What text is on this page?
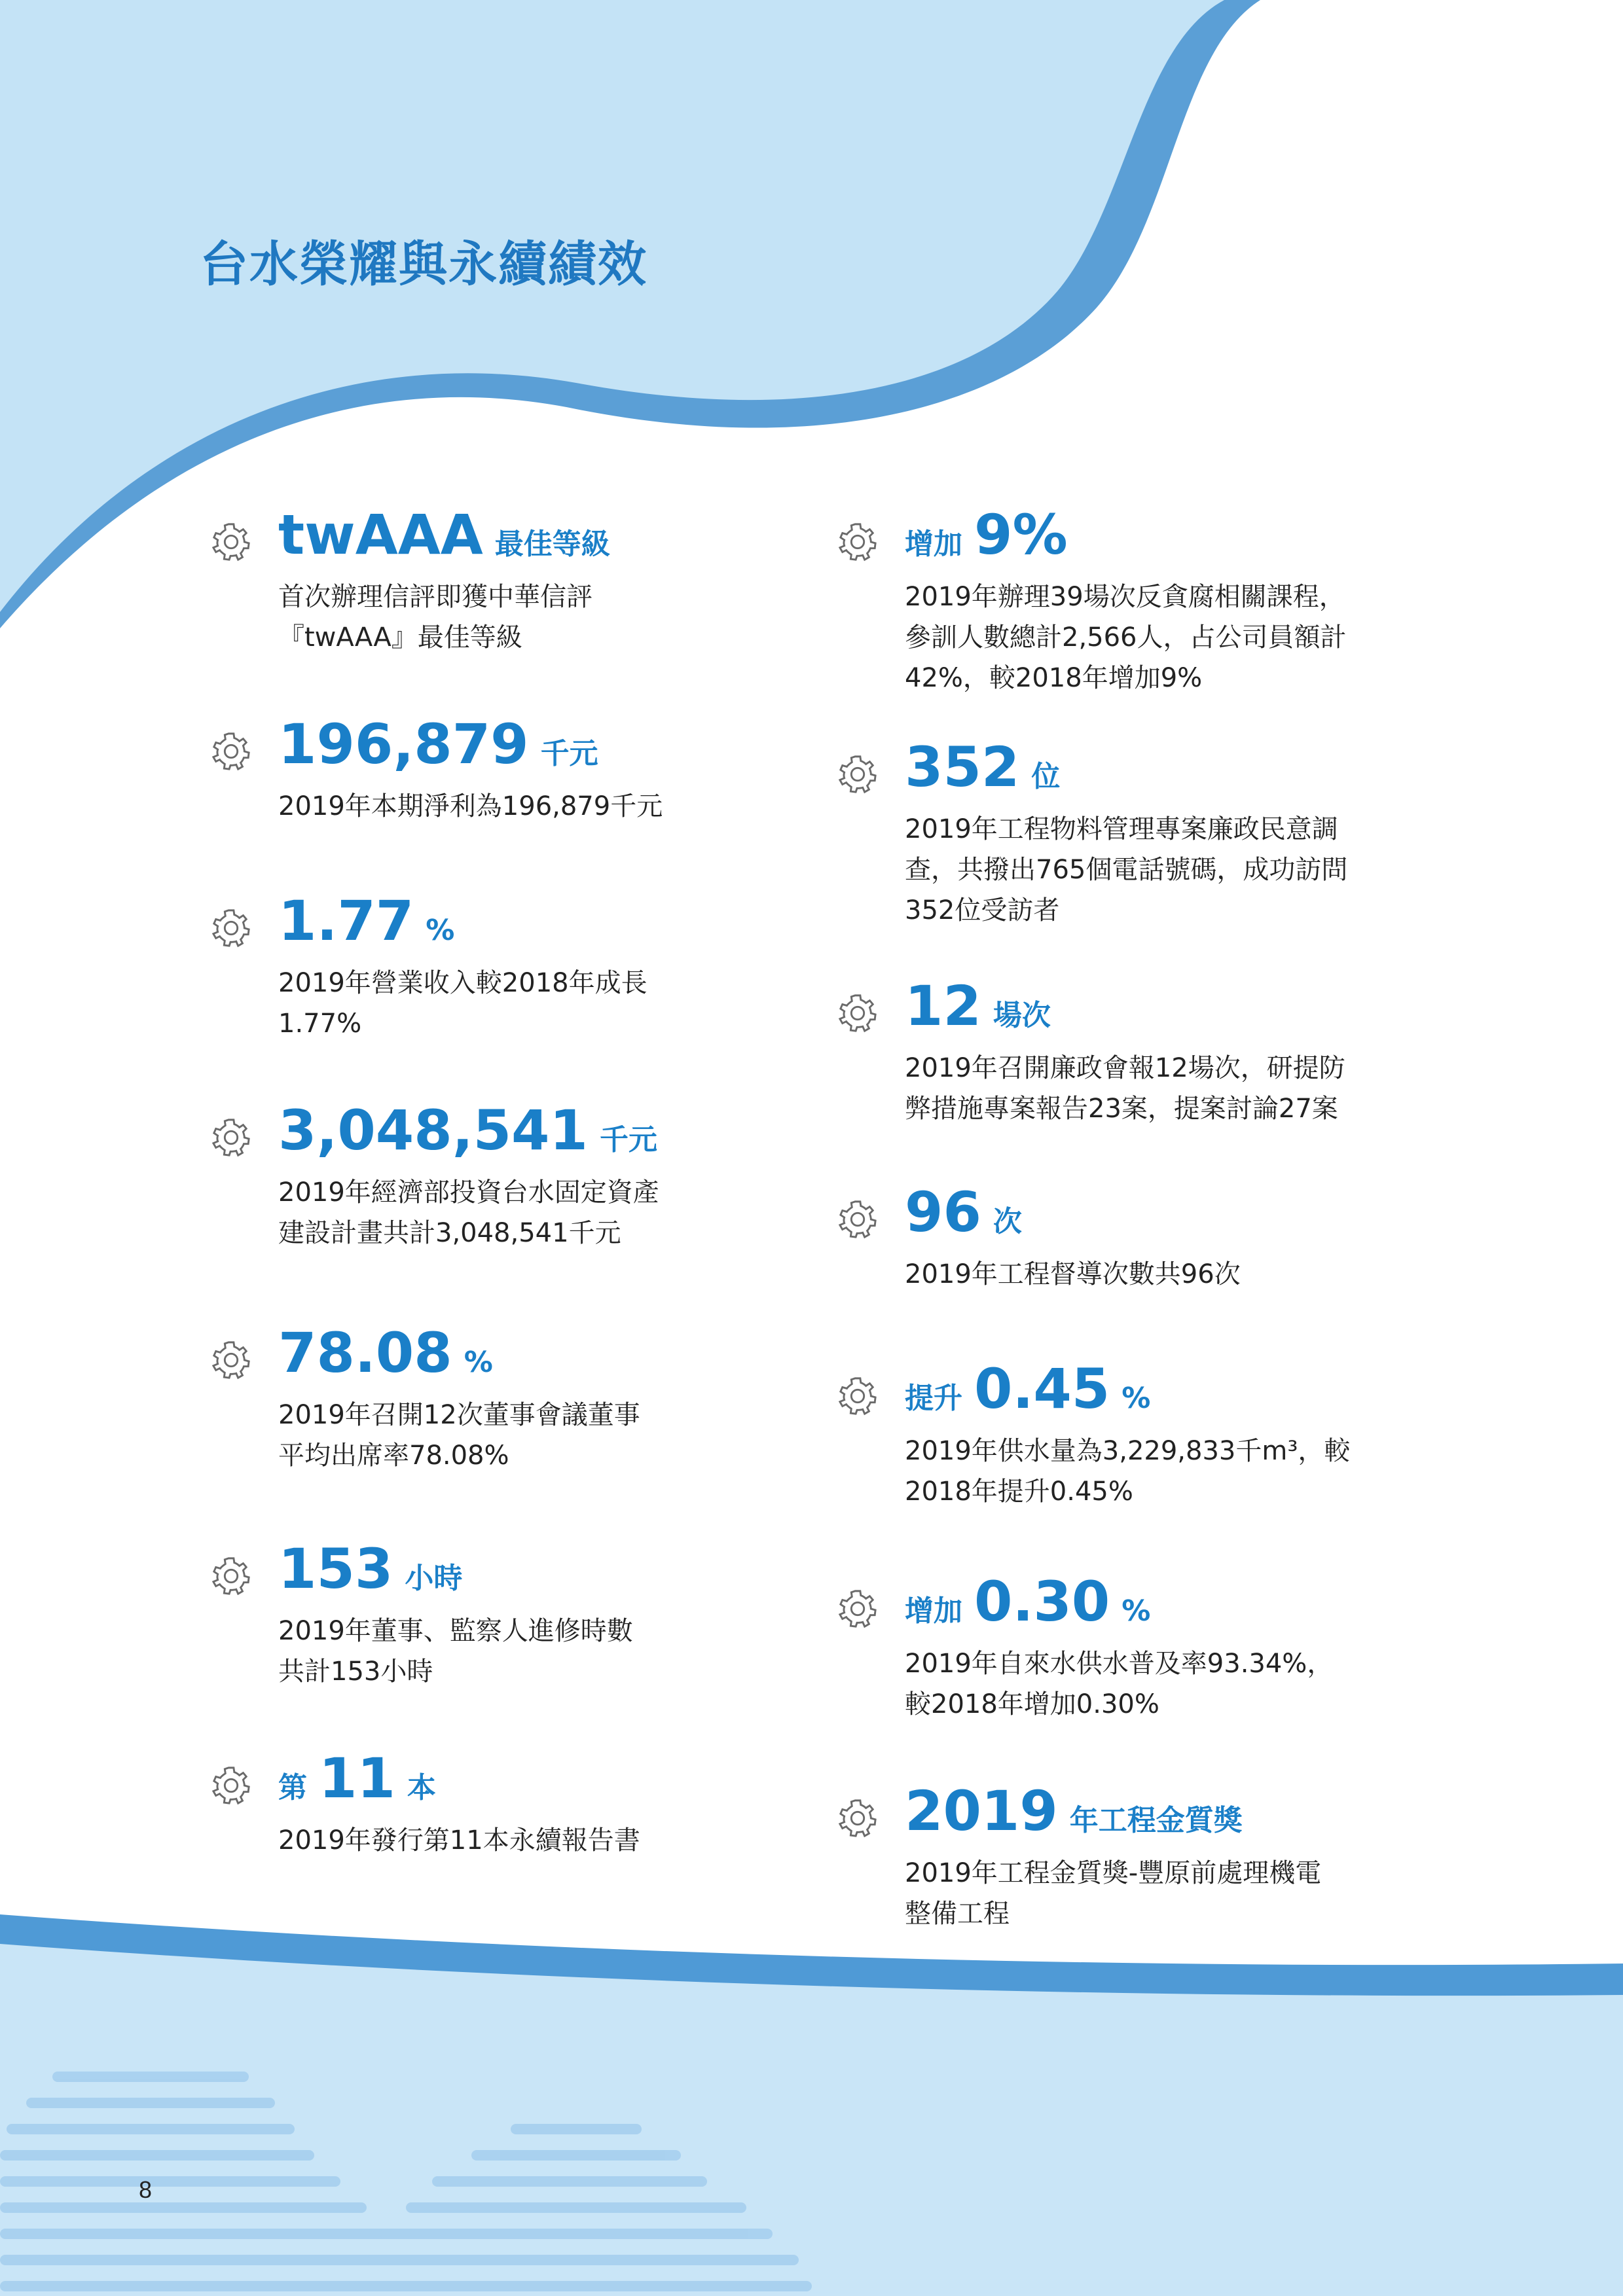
台水榮耀與永續績效
twAAA 最佳等級
首次辦理信評即獲中華信評
『twAAA』最佳等級
196,879 千元
2019年本期淨利為196,879千元
1.77 %
2019年營業收入較2018年成長
1.77%
3,048,541 千元
2019年經濟部投資台水固定資產
建設計畫共計3,048,541千元
78.08 %
2019年召開12次董事會議董事
平均出席率78.08%
153 小時
2019年董事、監察人進修時數
共計153小時
第 11 本
2019年發行第11本永續報告書
增加 9%
2019年辦理39場次反貪腐相關課程，
參訓人數總計2,566人，占公司員額計
42%，較2018年增加9%
352 位
2019年工程物料管理專案廉政民意調
查，共撥出765個電話號碼，成功訪問
352位受訪者
12 場次
2019年召開廉政會報12場次，研提防
弊措施專案報告23案，提案討論27案
96 次
2019年工程督導次數共96次
提升 0.45 %
2019年供水量為3,229,833千m³，較
2018年提升0.45%
增加 0.30 %
2019年自來水供水普及率93.34%，
較2018年增加0.30%
2019 年工程金質獎
2019年工程金質獎-豐原前處理機電
整備工程
8
